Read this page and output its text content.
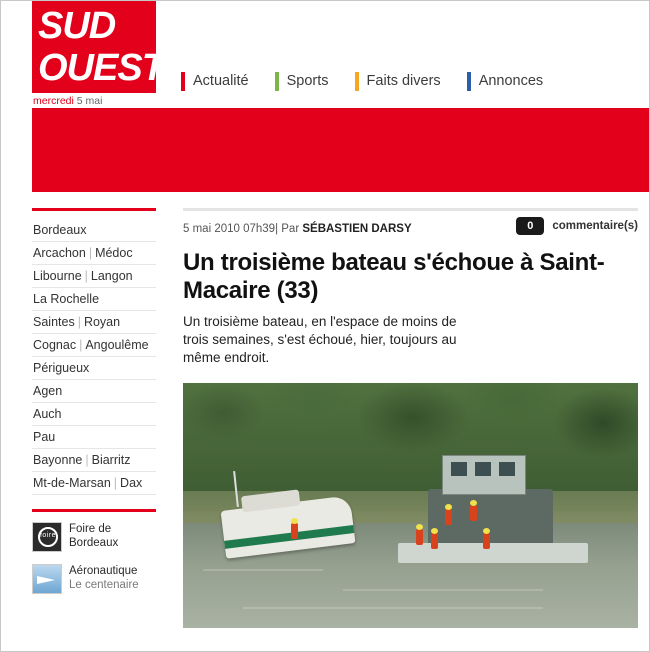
SUD
OUEST
mercredi 5 mai
Actualité	Sports	Faits divers	Annonces
Bordeaux
Arcachon | Médoc
Libourne | Langon
La Rochelle
Saintes | Royan
Cognac | Angoulême
Périgueux
Agen
Auch
Pau
Bayonne | Biarritz
Mt-de-Marsan | Dax
foire
Foire de
Bordeaux
Aéronautique
Le centenaire
5 mai 2010 07h39 | Par SÉBASTIEN DARSY	0	commentaire(s)
Un troisième bateau s'échoue à Saint-Macaire (33)

Un troisième bateau, en l'espace de moins de trois semaines, s'est échoué, hier, toujours au même endroit.
